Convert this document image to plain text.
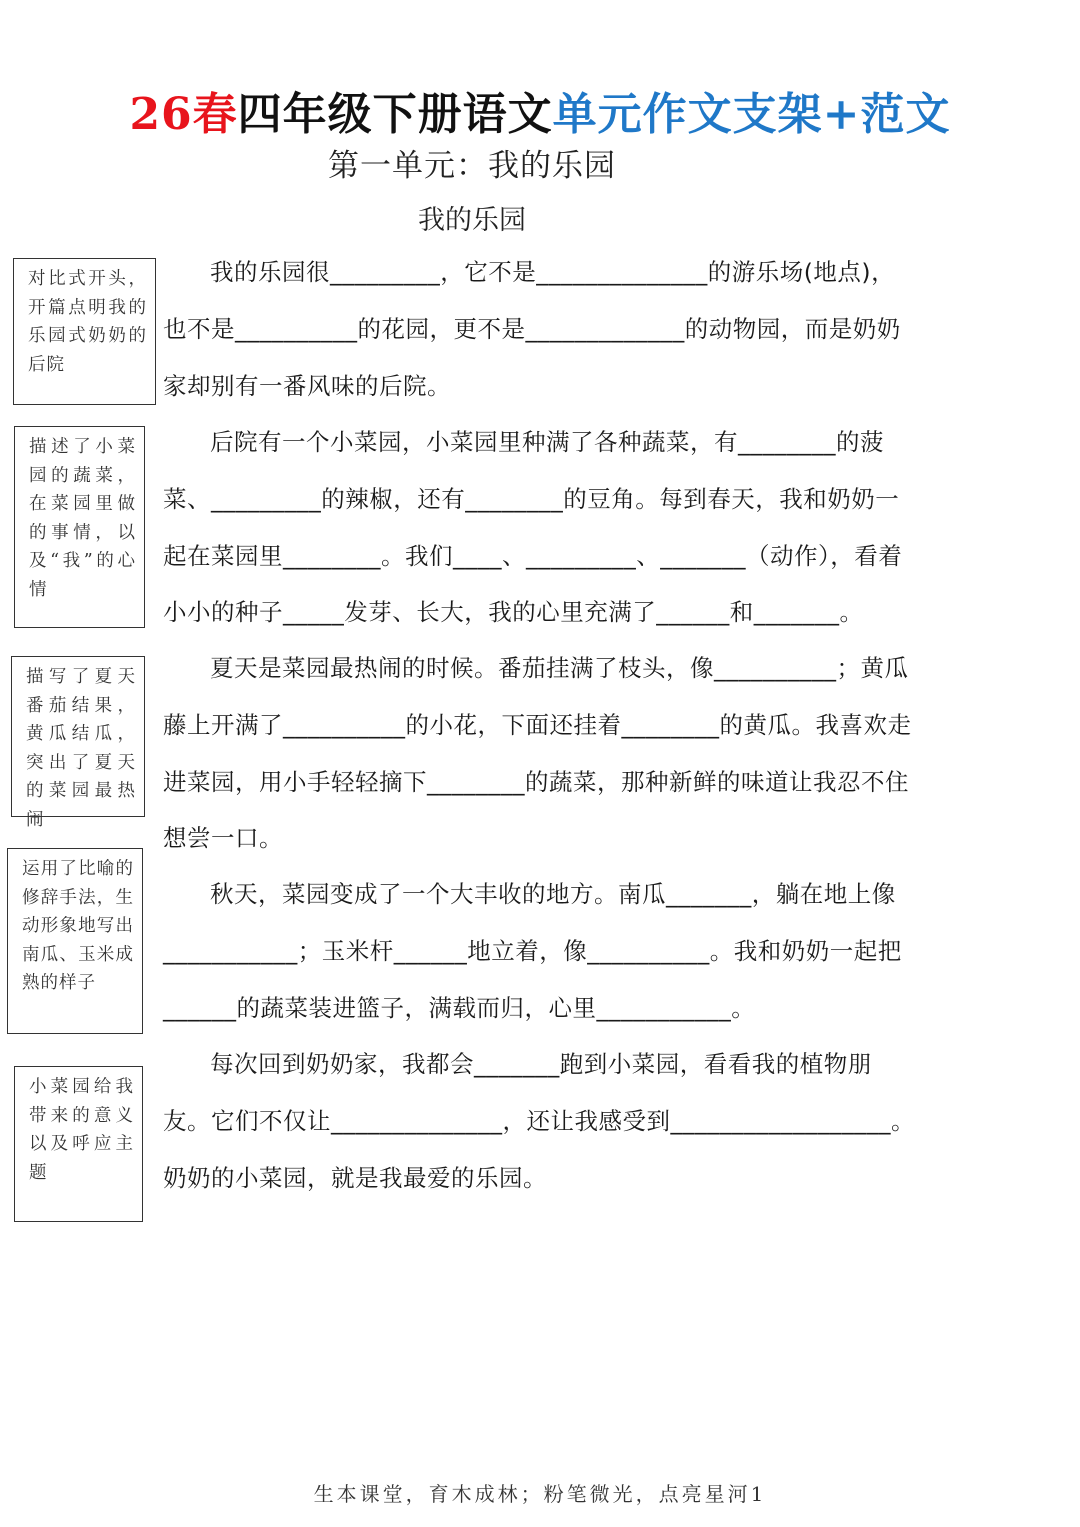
26春四年级下册语文单元作文支架+范文
第一单元：我的乐园
我的乐园
对比式开头，开篇点明我的乐园式奶奶的后院
描述了小菜园的蔬菜，在菜园里做的事情，以及“我”的心情
描写了夏天番茄结果，黄瓜结瓜，突出了夏天的菜园最热闹
运用了比喻的修辞手法，生动形象地写出南瓜、玉米成熟的样子
小菜园给我带来的意义以及呼应主题
我的乐园很_________，它不是______________的游乐场(地点)，也不是__________的花园，更不是_____________的动物园，而是奶奶家却别有一番风味的后院。
后院有一个小菜园，小菜园里种满了各种蔬菜，有________的菠菜、_________的辣椒，还有________的豆角。每到春天，我和奶奶一起在菜园里________。我们____、_________、_______（动作），看着小小的种子_____发芽、长大，我的心里充满了______和_______。
夏天是菜园最热闹的时候。番茄挂满了枝头，像__________；黄瓜藤上开满了__________的小花，下面还挂着________的黄瓜。我喜欢走进菜园，用小手轻轻摘下________的蔬菜，那种新鲜的味道让我忍不住想尝一口。
秋天，菜园变成了一个大丰收的地方。南瓜_______，躺在地上像___________；玉米杆______地立着，像__________。我和奶奶一起把______的蔬菜装进篮子，满载而归，心里___________。
每次回到奶奶家，我都会_______跑到小菜园，看看我的植物朋友。它们不仅让______________，还让我感受到__________________。奶奶的小菜园，就是我最爱的乐园。
生本课堂，育木成林；粉笔微光，点亮星河1
